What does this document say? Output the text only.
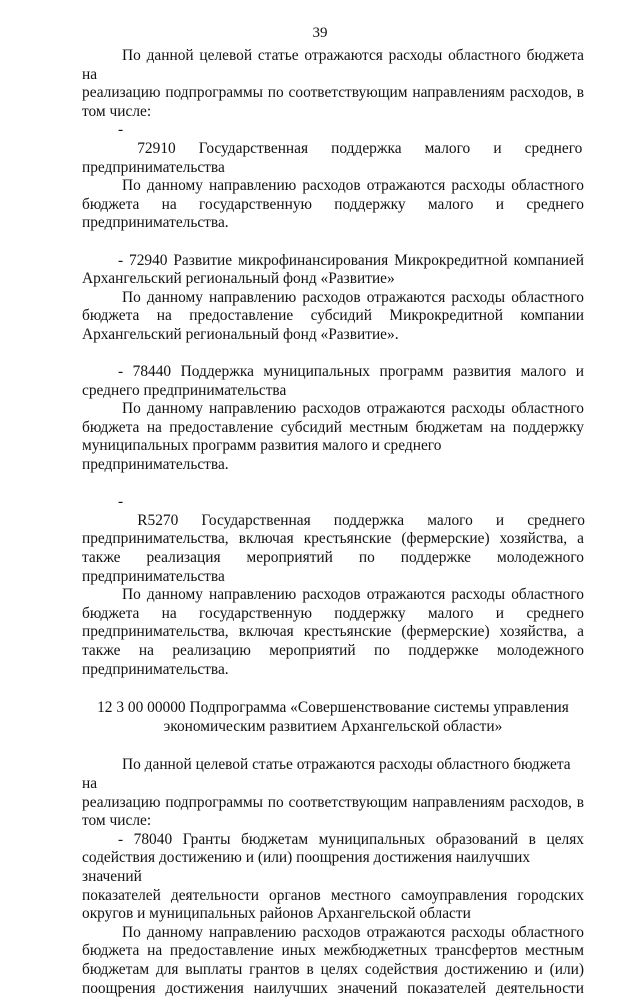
39

По данной целевой статье отражаются расходы областного бюджета на
реализацию подпрограммы по соответствующим направлениям расходов, в
том числе:

-     72910      Государственная      поддержка      малого      и      среднего
предпринимательства

По данному направлению расходов отражаются расходы областного
бюджета на государственную поддержку малого и среднего
предпринимательства.

- 72940 Развитие микрофинансирования Микрокредитной компанией
Архангельский региональный фонд «Развитие»

По данному направлению расходов отражаются расходы областного
бюджета на предоставление субсидий Микрокредитной компании
Архангельский региональный фонд «Развитие».

- 78440 Поддержка муниципальных программ развития малого и
среднего предпринимательства

По данному направлению расходов отражаются расходы областного
бюджета на предоставление субсидий местным бюджетам на поддержку
муниципальных программ развития малого и среднего предпринимательства.

-     R5270      Государственная      поддержка      малого      и      среднего
предпринимательства, включая крестьянские (фермерские) хозяйства, а
также реализация мероприятий по поддержке молодежного
предпринимательства

По данному направлению расходов отражаются расходы областного
бюджета на государственную поддержку малого и среднего
предпринимательства, включая крестьянские (фермерские) хозяйства, а
также на реализацию мероприятий по поддержке молодежного
предпринимательства.

12 3 00 00000 Подпрограмма «Совершенствование системы управления
экономическим развитием Архангельской области»

По данной целевой статье отражаются расходы областного бюджета на
реализацию подпрограммы по соответствующим направлениям расходов, в
том числе:

- 78040 Гранты бюджетам муниципальных образований в целях
содействия достижению и (или) поощрения достижения наилучших значений
показателей деятельности органов местного самоуправления городских
округов и муниципальных районов Архангельской области

По данному направлению расходов отражаются расходы областного
бюджета на предоставление иных межбюджетных трансфертов местным
бюджетам для выплаты грантов в целях содействия достижению и (или)
поощрения достижения наилучших значений показателей деятельности
